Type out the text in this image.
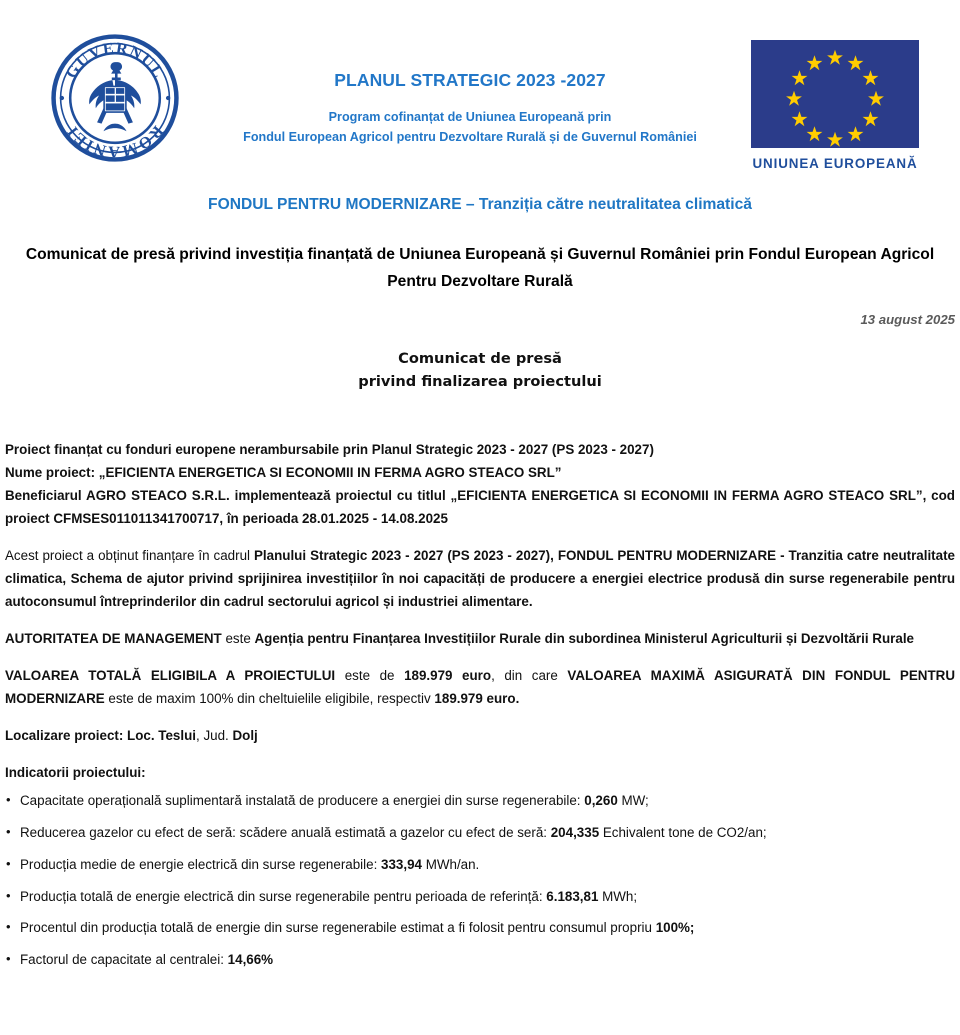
GUVERNUL
ROMÂNIEI
PLANUL STRATEGIC 2023 -2027
Program cofinanțat de Uniunea Europeană prin
Fondul European Agricol pentru Dezvoltare Rurală și de Guvernul României
UNIUNEA EUROPEANĂ
FONDUL PENTRU MODERNIZARE – Tranziția către neutralitatea climatică
Comunicat de presă privind investiția finanțată de Uniunea Europeană și Guvernul României prin Fondul European Agricol Pentru Dezvoltare Rurală
13 august 2025
Comunicat de presă
privind finalizarea proiectului

Proiect finanțat cu fonduri europene nerambursabile prin Planul Strategic 2023 - 2027 (PS 2023 - 2027)

Nume proiect: „EFICIENTA ENERGETICA SI ECONOMII IN FERMA AGRO STEACO SRL”

Beneficiarul AGRO STEACO S.R.L. implementează proiectul cu titlul „EFICIENTA ENERGETICA SI ECONOMII IN FERMA AGRO STEACO SRL”, cod proiect CFMSES011011341700717, în perioada 28.01.2025 - 14.08.2025

Acest proiect a obținut finanțare în cadrul Planului Strategic 2023 - 2027 (PS 2023 - 2027), FONDUL PENTRU MODERNIZARE - Tranzitia catre neutralitate climatica, Schema de ajutor privind sprijinirea investițiilor în noi capacități de producere a energiei electrice produsă din surse regenerabile pentru autoconsumul întreprinderilor din cadrul sectorului agricol și industriei alimentare.

AUTORITATEA DE MANAGEMENT este Agenția pentru Finanțarea Investițiilor Rurale din subordinea Ministerul Agriculturii și Dezvoltării Rurale

VALOAREA TOTALĂ ELIGIBILA A PROIECTULUI este de 189.979 euro, din care VALOAREA MAXIMĂ ASIGURATĂ DIN FONDUL PENTRU MODERNIZARE este de maxim 100% din cheltuielile eligibile, respectiv 189.979 euro.

Localizare proiect: Loc. Teslui, Jud. Dolj

Indicatorii proiectului:

• Capacitate operațională suplimentară instalată de producere a energiei din surse regenerabile: 0,260 MW;
• Reducerea gazelor cu efect de seră: scădere anuală estimată a gazelor cu efect de seră: 204,335 Echivalent tone de CO2/an;
• Producția medie de energie electrică din surse regenerabile: 333,94 MWh/an.
• Producția totală de energie electrică din surse regenerabile pentru perioada de referință: 6.183,81 MWh;
• Procentul din producția totală de energie din surse regenerabile estimat a fi folosit pentru consumul propriu 100%;
• Factorul de capacitate al centralei: 14,66%
